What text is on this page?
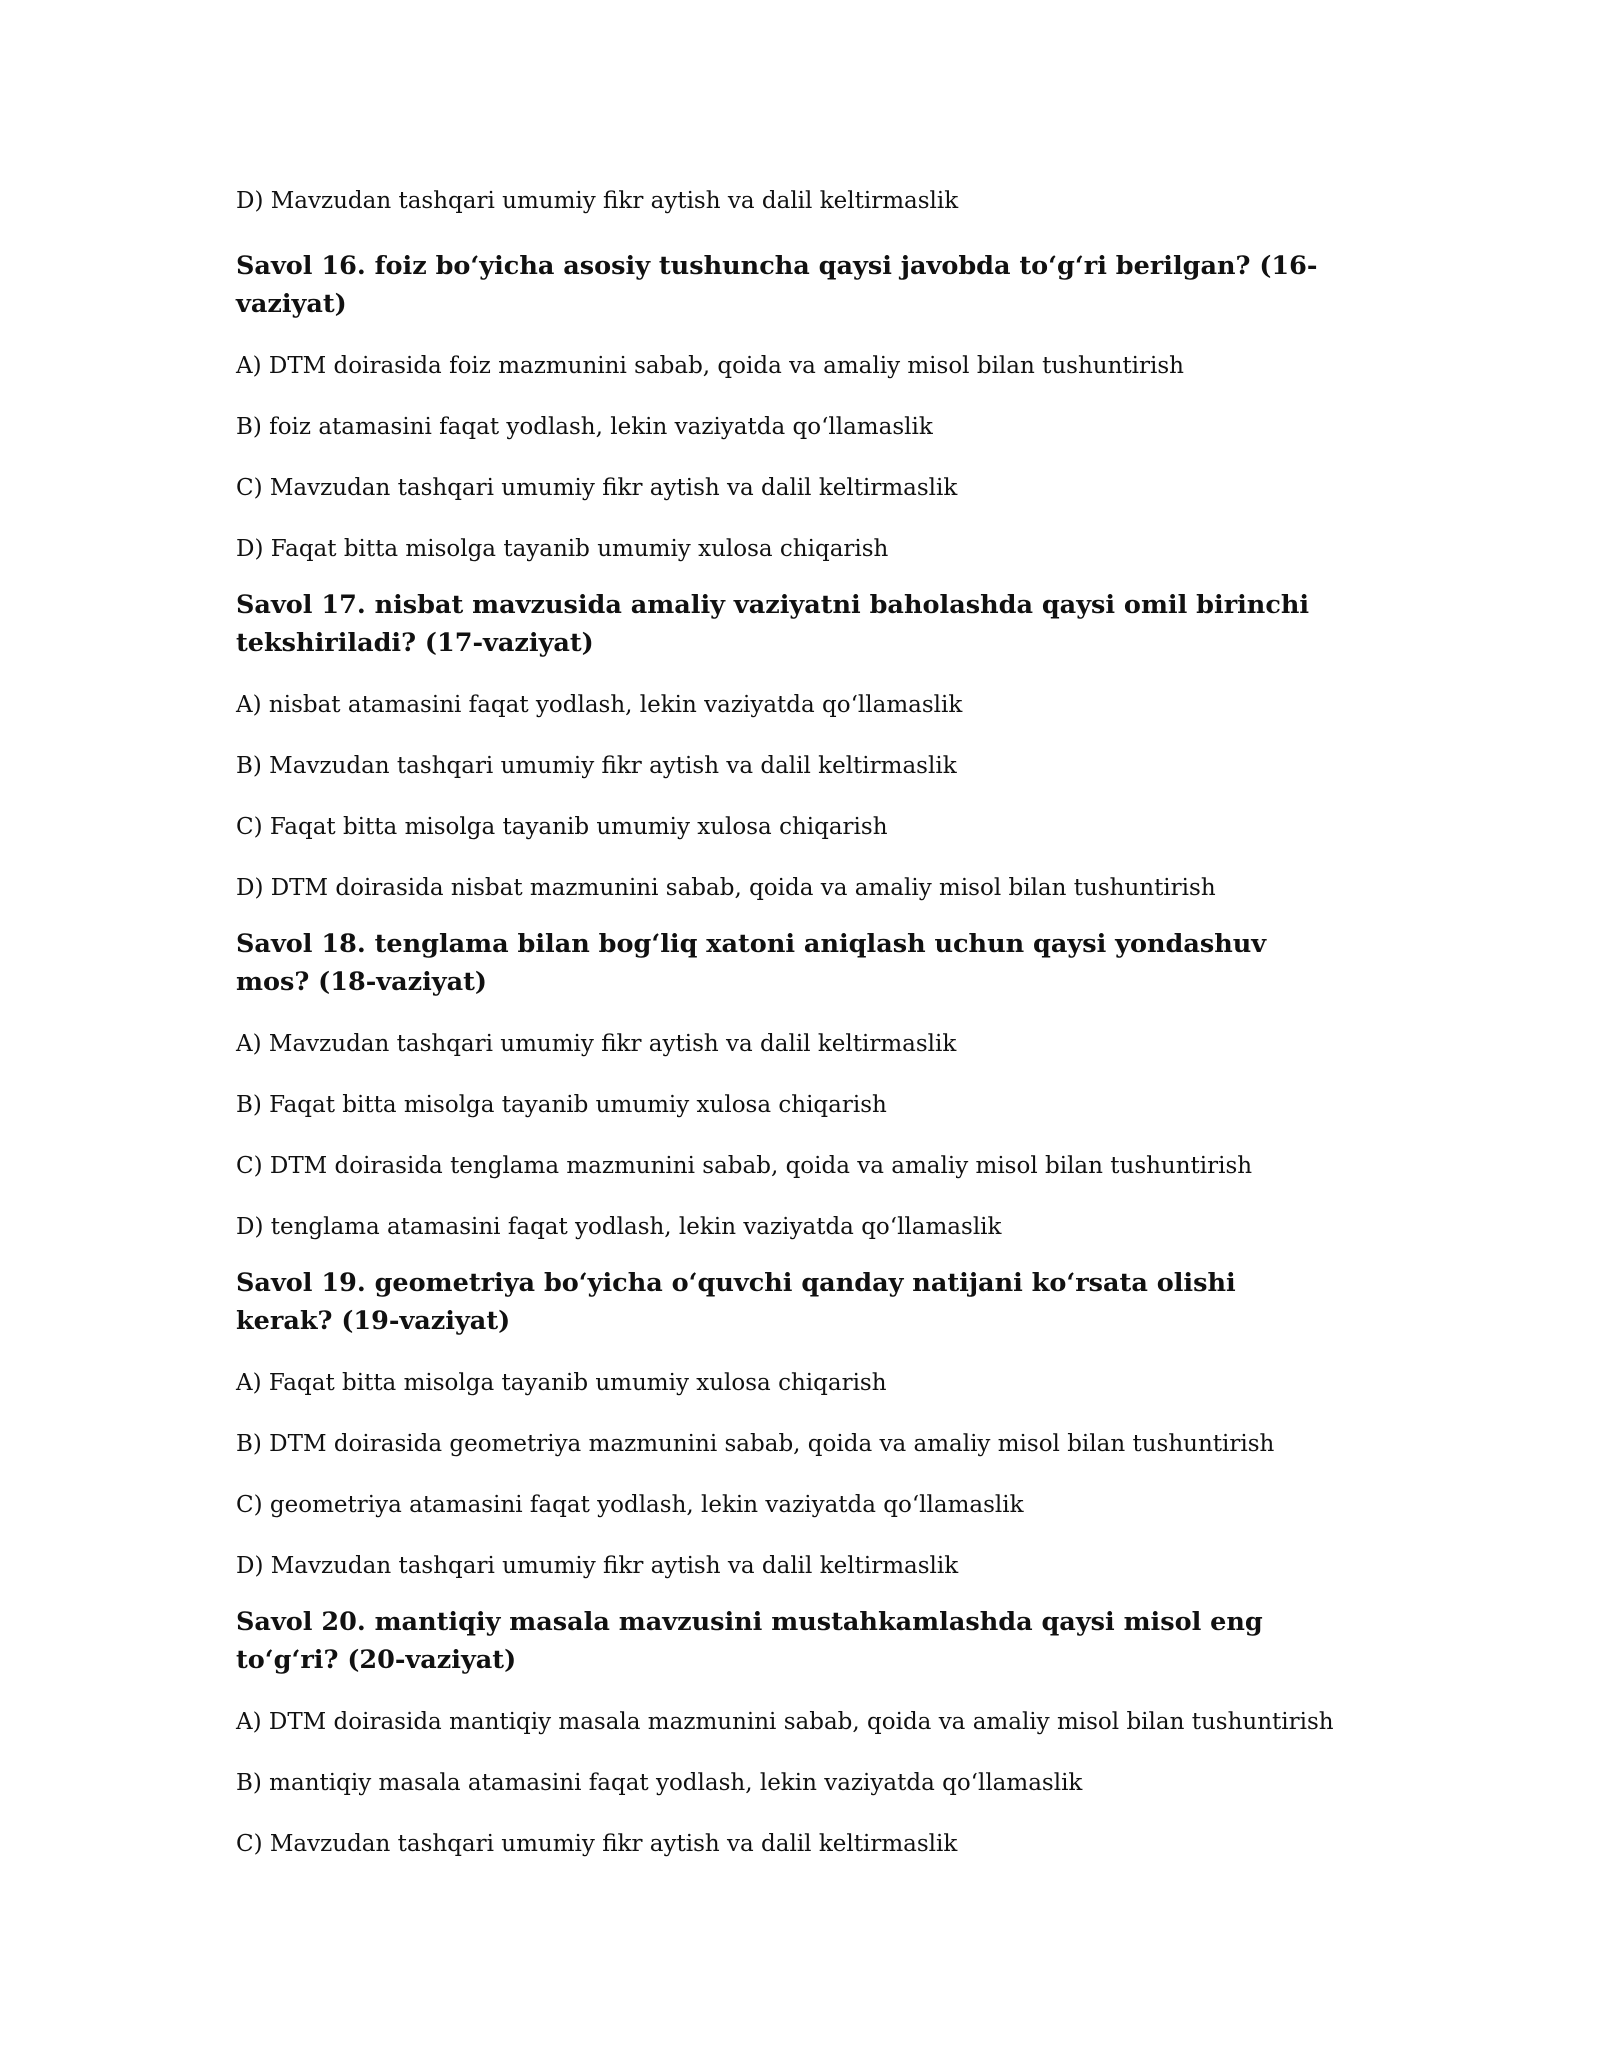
D) Mavzudan tashqari umumiy fikr aytish va dalil keltirmaslik

Savol 16. foiz bo‘yicha asosiy tushuncha qaysi javobda to‘g‘ri berilgan? (16-vaziyat)

A) DTM doirasida foiz mazmunini sabab, qoida va amaliy misol bilan tushuntirish

B) foiz atamasini faqat yodlash, lekin vaziyatda qo‘llamaslik

C) Mavzudan tashqari umumiy fikr aytish va dalil keltirmaslik

D) Faqat bitta misolga tayanib umumiy xulosa chiqarish

Savol 17. nisbat mavzusida amaliy vaziyatni baholashda qaysi omil birinchi tekshiriladi? (17-vaziyat)

A) nisbat atamasini faqat yodlash, lekin vaziyatda qo‘llamaslik

B) Mavzudan tashqari umumiy fikr aytish va dalil keltirmaslik

C) Faqat bitta misolga tayanib umumiy xulosa chiqarish

D) DTM doirasida nisbat mazmunini sabab, qoida va amaliy misol bilan tushuntirish

Savol 18. tenglama bilan bog‘liq xatoni aniqlash uchun qaysi yondashuv mos? (18-vaziyat)

A) Mavzudan tashqari umumiy fikr aytish va dalil keltirmaslik

B) Faqat bitta misolga tayanib umumiy xulosa chiqarish

C) DTM doirasida tenglama mazmunini sabab, qoida va amaliy misol bilan tushuntirish

D) tenglama atamasini faqat yodlash, lekin vaziyatda qo‘llamaslik

Savol 19. geometriya bo‘yicha o‘quvchi qanday natijani ko‘rsata olishi kerak? (19-vaziyat)

A) Faqat bitta misolga tayanib umumiy xulosa chiqarish

B) DTM doirasida geometriya mazmunini sabab, qoida va amaliy misol bilan tushuntirish

C) geometriya atamasini faqat yodlash, lekin vaziyatda qo‘llamaslik

D) Mavzudan tashqari umumiy fikr aytish va dalil keltirmaslik

Savol 20. mantiqiy masala mavzusini mustahkamlashda qaysi misol eng to‘g‘ri? (20-vaziyat)

A) DTM doirasida mantiqiy masala mazmunini sabab, qoida va amaliy misol bilan tushuntirish

B) mantiqiy masala atamasini faqat yodlash, lekin vaziyatda qo‘llamaslik

C) Mavzudan tashqari umumiy fikr aytish va dalil keltirmaslik
